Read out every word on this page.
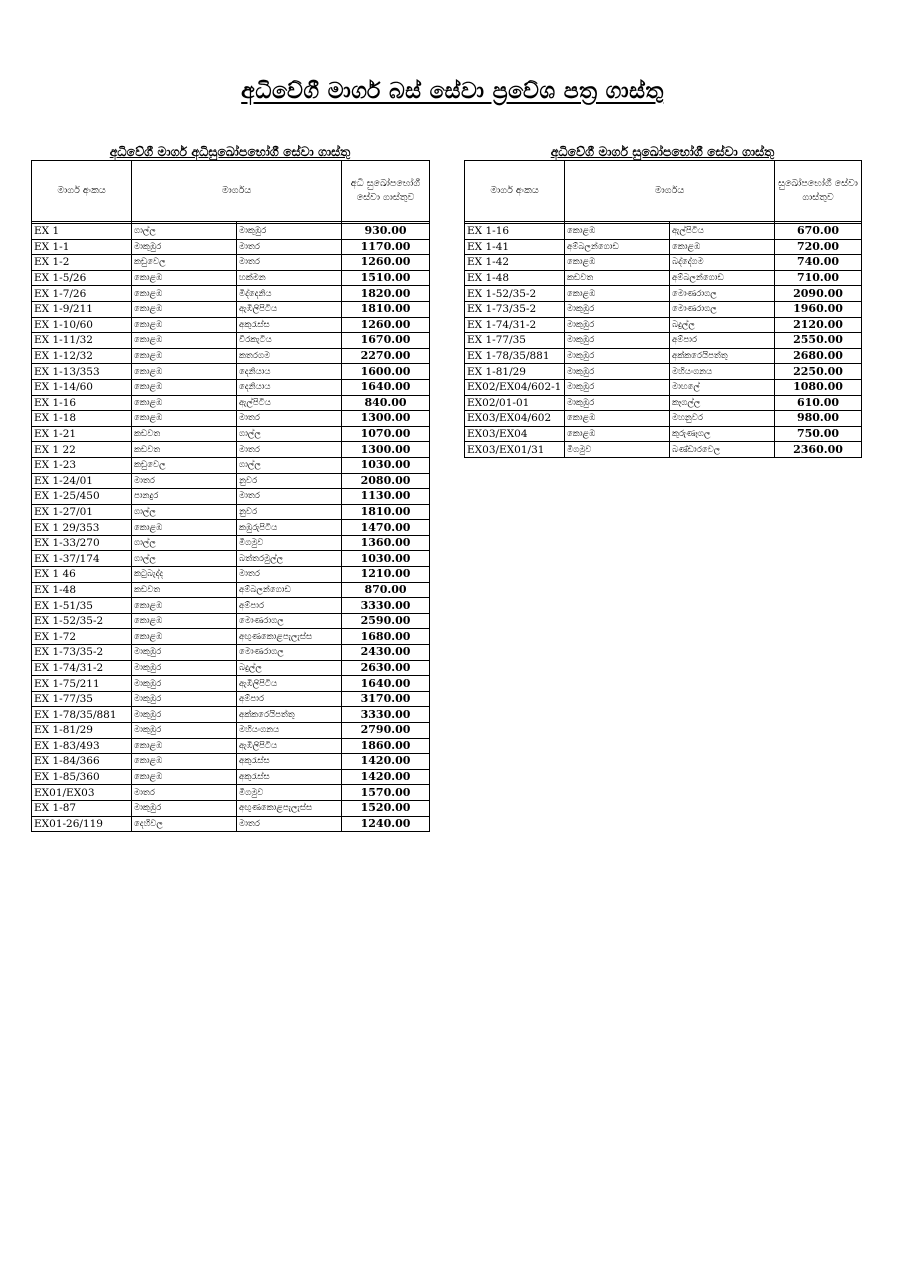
අධිවේගී මාර්ග බස් සේවා ප්‍රවේශ පත්‍ර ගාස්තු
අධිවේගී මාර්ග අධිසුඛෝපභෝගී සේවා ගාස්තු	අධිවේගී මාර්ග සුඛෝපභෝගී සේවා ගාස්තු
මාර්ග අංකය	මාර්ගය		අධි සුඛෝපභෝගී සේවා ගාස්තුව

EX 1	ගාල්ල	මාකුඹුර	930.00
EX 1-1	මාකුඹුර	මාතර	1170.00
EX 1-2	කඩුවෙල	මාතර	1260.00
EX 1-5/26	කොළඹ	හක්මන	1510.00
EX 1-7/26	කොළඹ	මිද්දෙනිය	1820.00
EX 1-9/211	කොළඹ	ඇඹිලිපිටිය	1810.00
EX 1-10/60	කොළඹ	අකුරැස්ස	1260.00
EX 1-11/32	කොළඹ	වීරකැටිය	1670.00
EX 1-12/32	කොළඹ	කතරගම	2270.00
EX 1-13/353	කොළඹ	දෙනියාය	1600.00
EX 1-14/60	කොළඹ	දෙනියාය	1640.00
EX 1-16	කොළඹ	ඇල්පිටිය	840.00
EX 1-18	කොළඹ	මාතර	1300.00
EX 1-21	කඩවත	ගාල්ල	1070.00
EX 1 22	කඩවත	මාතර	1300.00
EX 1-23	කඩුවෙල	ගාල්ල	1030.00
EX 1-24/01	මාතර	නුවර	2080.00
EX 1-25/450	පානදුර	මාතර	1130.00
EX 1-27/01	ගාල්ල	නුවර	1810.00
EX 1 29/353	කොළඹ	කඹුරුපිටිය	1470.00
EX 1-33/270	ගාල්ල	මීගමුව	1360.00
EX 1-37/174	ගාල්ල	බත්තරමුල්ල	1030.00
EX 1 46	කටුබැද්ද	මාතර	1210.00
EX 1-48	කඩවත	අම්බලන්ගොඩ	870.00
EX 1-51/35	කොළඹ	අම්පාර	3330.00
EX 1-52/35-2	කොළඹ	මොණරාගල	2590.00
EX 1-72	කොළඹ	අඟුණකොළපැලැස්ස	1680.00
EX 1-73/35-2	මාකුඹුර	මොණරාගල	2430.00
EX 1-74/31-2	මාකුඹුර	බදුල්ල	2630.00
EX 1-75/211	මාකුඹුර	ඇඹිලිපිටිය	1640.00
EX 1-77/35	මාකුඹුර	අම්පාර	3170.00
EX 1-78/35/881	මාකුඹුර	අක්කරෙයිපත්තු	3330.00
EX 1-81/29	මාකුඹුර	මහියංගනය	2790.00
EX 1-83/493	කොළඹ	ඇඹිලිපිටිය	1860.00
EX 1-84/366	කොළඹ	අකුරැස්ස	1420.00
EX 1-85/360	කොළඹ	අකුරැස්ස	1420.00
EX01/EX03	මාතර	මීගමුව	1570.00
EX 1-87	මාකුඹුර	අඟුණකොළපැලැස්ස	1520.00
EX01-26/119	දෙහිවල	මාතර	1240.00
මාර්ග අංකය	මාර්ගය		සුඛෝපභෝගී සේවා ගාස්තුව

EX 1-16	කොළඹ	ඇල්පිටිය	670.00
EX 1-41	අම්බලන්ගොඩ	කොළඹ	720.00
EX 1-42	කොළඹ	බද්දේගම	740.00
EX 1-48	කඩවත	අම්බලන්ගොඩ	710.00
EX 1-52/35-2	කොළඹ	මොණරාගල	2090.00
EX 1-73/35-2	මාකුඹුර	මොණරාගල	1960.00
EX 1-74/31-2	මාකුඹුර	බදුල්ල	2120.00
EX 1-77/35	මාකුඹුර	අම්පාර	2550.00
EX 1-78/35/881	මාකුඹුර	අක්කරෙයිපත්තු	2680.00
EX 1-81/29	මාකුඹුර	මහියංගනය	2250.00
EX02/EX04/602-1	මාකුඹුර	මාහලේ	1080.00
EX02/01-01	මාකුඹුර	කෑගල්ල	610.00
EX03/EX04/602	කොළඹ	මහනුවර	980.00
EX03/EX04	කොළඹ	කුරුණෑගල	750.00
EX03/EX01/31	මීගමුව	බණ්ඩාරවෙල	2360.00
